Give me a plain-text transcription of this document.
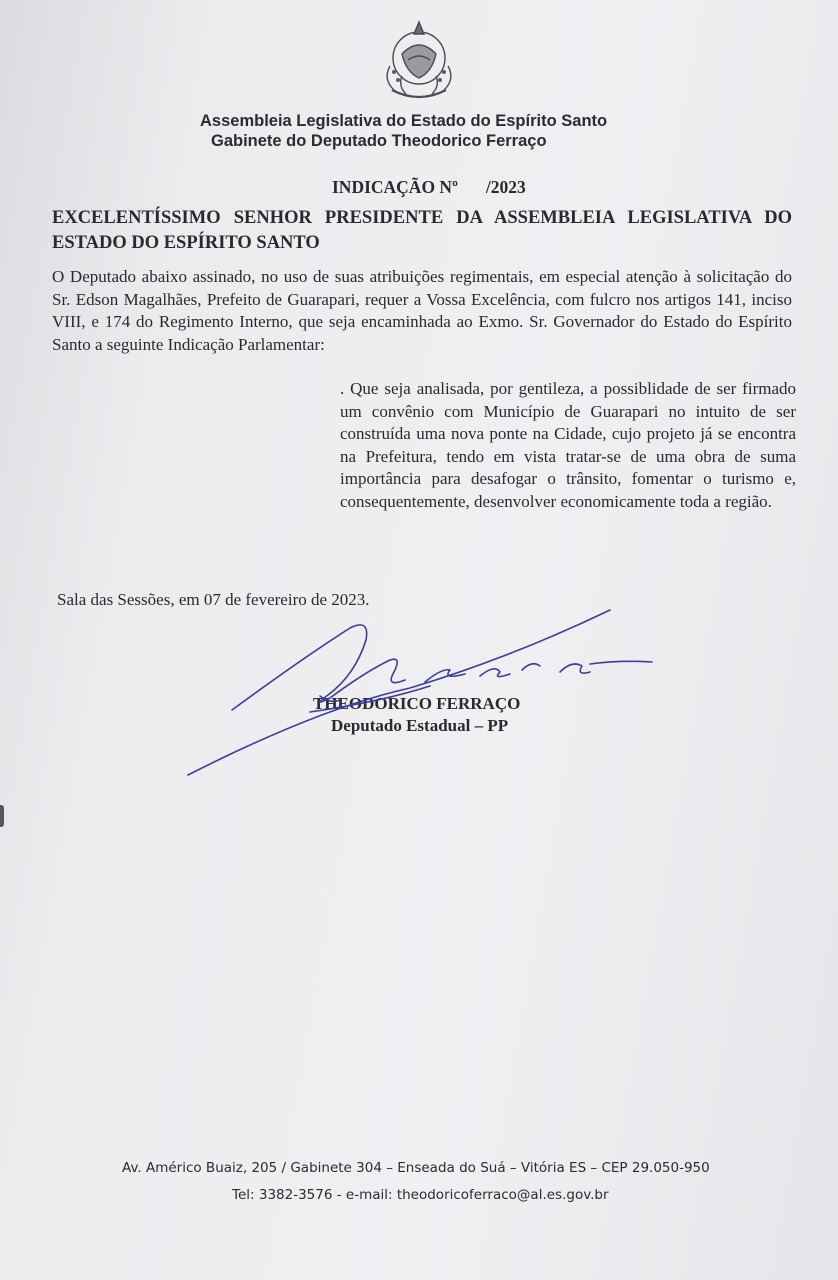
Assembleia Legislativa do Estado do Espírito Santo
Gabinete do Deputado Theodorico Ferraço
INDICAÇÃO Nº /2023
EXCELENTÍSSIMO SENHOR PRESIDENTE DA ASSEMBLEIA LEGISLATIVA DO ESTADO DO ESPÍRITO SANTO
O Deputado abaixo assinado, no uso de suas atribuições regimentais, em especial atenção à solicitação do Sr. Edson Magalhães, Prefeito de Guarapari, requer a Vossa Excelência, com fulcro nos artigos 141, inciso VIII, e 174 do Regimento Interno, que seja encaminhada ao Exmo. Sr. Governador do Estado do Espírito Santo a seguinte Indicação Parlamentar:
. Que seja analisada, por gentileza, a possiblidade de ser firmado um convênio com Município de Guarapari no intuito de ser construída uma nova ponte na Cidade, cujo projeto já se encontra na Prefeitura, tendo em vista tratar-se de uma obra de suma importância para desafogar o trânsito, fomentar o turismo e, consequentemente, desenvolver economicamente toda a região.
Sala das Sessões, em 07 de fevereiro de 2023.
THEODORICO FERRAÇO
Deputado Estadual – PP
Av. Américo Buaiz, 205 / Gabinete 304 – Enseada do Suá – Vitória ES – CEP 29.050-950
Tel: 3382-3576 - e-mail: theodoricoferraco@al.es.gov.br
